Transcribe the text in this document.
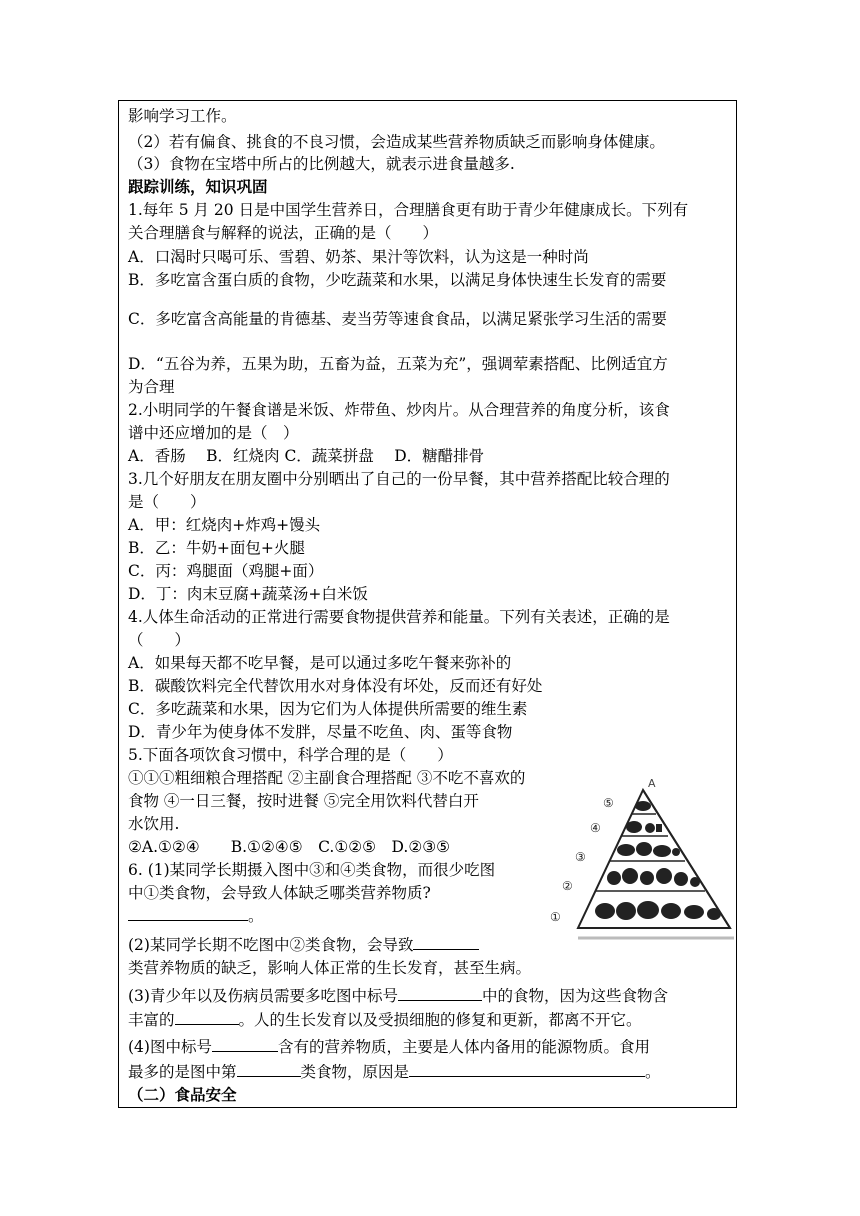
影响学习工作。
（2）若有偏食、挑食的不良习惯，会造成某些营养物质缺乏而影响身体健康。
（3）食物在宝塔中所占的比例越大，就表示进食量越多.
跟踪训练，知识巩固
1.每年 5 月 20 日是中国学生营养日，合理膳食更有助于青少年健康成长。下列有
关合理膳食与解释的说法，正确的是（　　）
A．口渴时只喝可乐、雪碧、奶茶、果汁等饮料，认为这是一种时尚
B．多吃富含蛋白质的食物，少吃蔬菜和水果，以满足身体快速生长发育的需要
C．多吃富含高能量的肯德基、麦当劳等速食食品，以满足紧张学习生活的需要
D．“五谷为养，五果为助，五畜为益，五菜为充”，强调荤素搭配、比例适宜方
为合理
2.小明同学的午餐食谱是米饭、炸带鱼、炒肉片。从合理营养的角度分析，该食
谱中还应增加的是（　）
A．香肠　 B．红烧肉 C．蔬菜拼盘　 D．糖醋排骨
3.几个好朋友在朋友圈中分别晒出了自己的一份早餐，其中营养搭配比较合理的
是（　　）
A．甲：红烧肉+炸鸡+馒头
B．乙：牛奶+面包+火腿
C．丙：鸡腿面（鸡腿+面）
D．丁：肉末豆腐+蔬菜汤+白米饭
4.人体生命活动的正常进行需要食物提供营养和能量。下列有关表述，正确的是
（　　）
A．如果每天都不吃早餐，是可以通过多吃午餐来弥补的
B．碳酸饮料完全代替饮用水对身体没有坏处，反而还有好处
C．多吃蔬菜和水果，因为它们为人体提供所需要的维生素
D．青少年为使身体不发胖，尽量不吃鱼、肉、蛋等食物
5.下面各项饮食习惯中，科学合理的是（　　）
①①①粗细粮合理搭配 ②主副食合理搭配 ③不吃不喜欢的
食物 ④一日三餐，按时进餐 ⑤完全用饮料代替白开
水饮用.
②A.①②④　　B.①②④⑤　C.①②⑤　D.②③⑤
6. (1)某同学长期摄入图中③和④类食物，而很少吃图
中①类食物，会导致人体缺乏哪类营养物质?
。
(2)某同学长期不吃图中②类食物，会导致
类营养物质的缺乏，影响人体正常的生长发育，甚至生病。
(3)青少年以及伤病员需要多吃图中标号	中的食物，因为这些食物含
丰富的	。人的生长发育以及受损细胞的修复和更新，都离不开它。
(4)图中标号	含有的营养物质，主要是人体内备用的能源物质。食用
最多的是图中第	类食物，原因是	。
（二）食品安全
A
⑤
④
③
②
①
